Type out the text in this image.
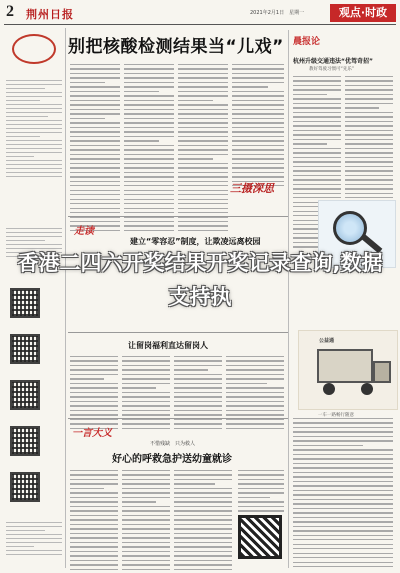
2 荆州日报	2021年2月1日　星期一	观点·时政
别把核酸检测结果当“儿戏”
三摄深思
晨报论
杭州升级交通违法“优驾奇招”
教好驾驶习惯可“先乐”
走读
建立“零容忍”制度，让欺凌远离校园
香港二四六开奖结果开奖记录查询,数据支持执
让留岗福利直达留岗人	公益通
一车一路畅行随意
一言大义
不惜残缺　只为救人
好心的呼救急护送幼童就诊
